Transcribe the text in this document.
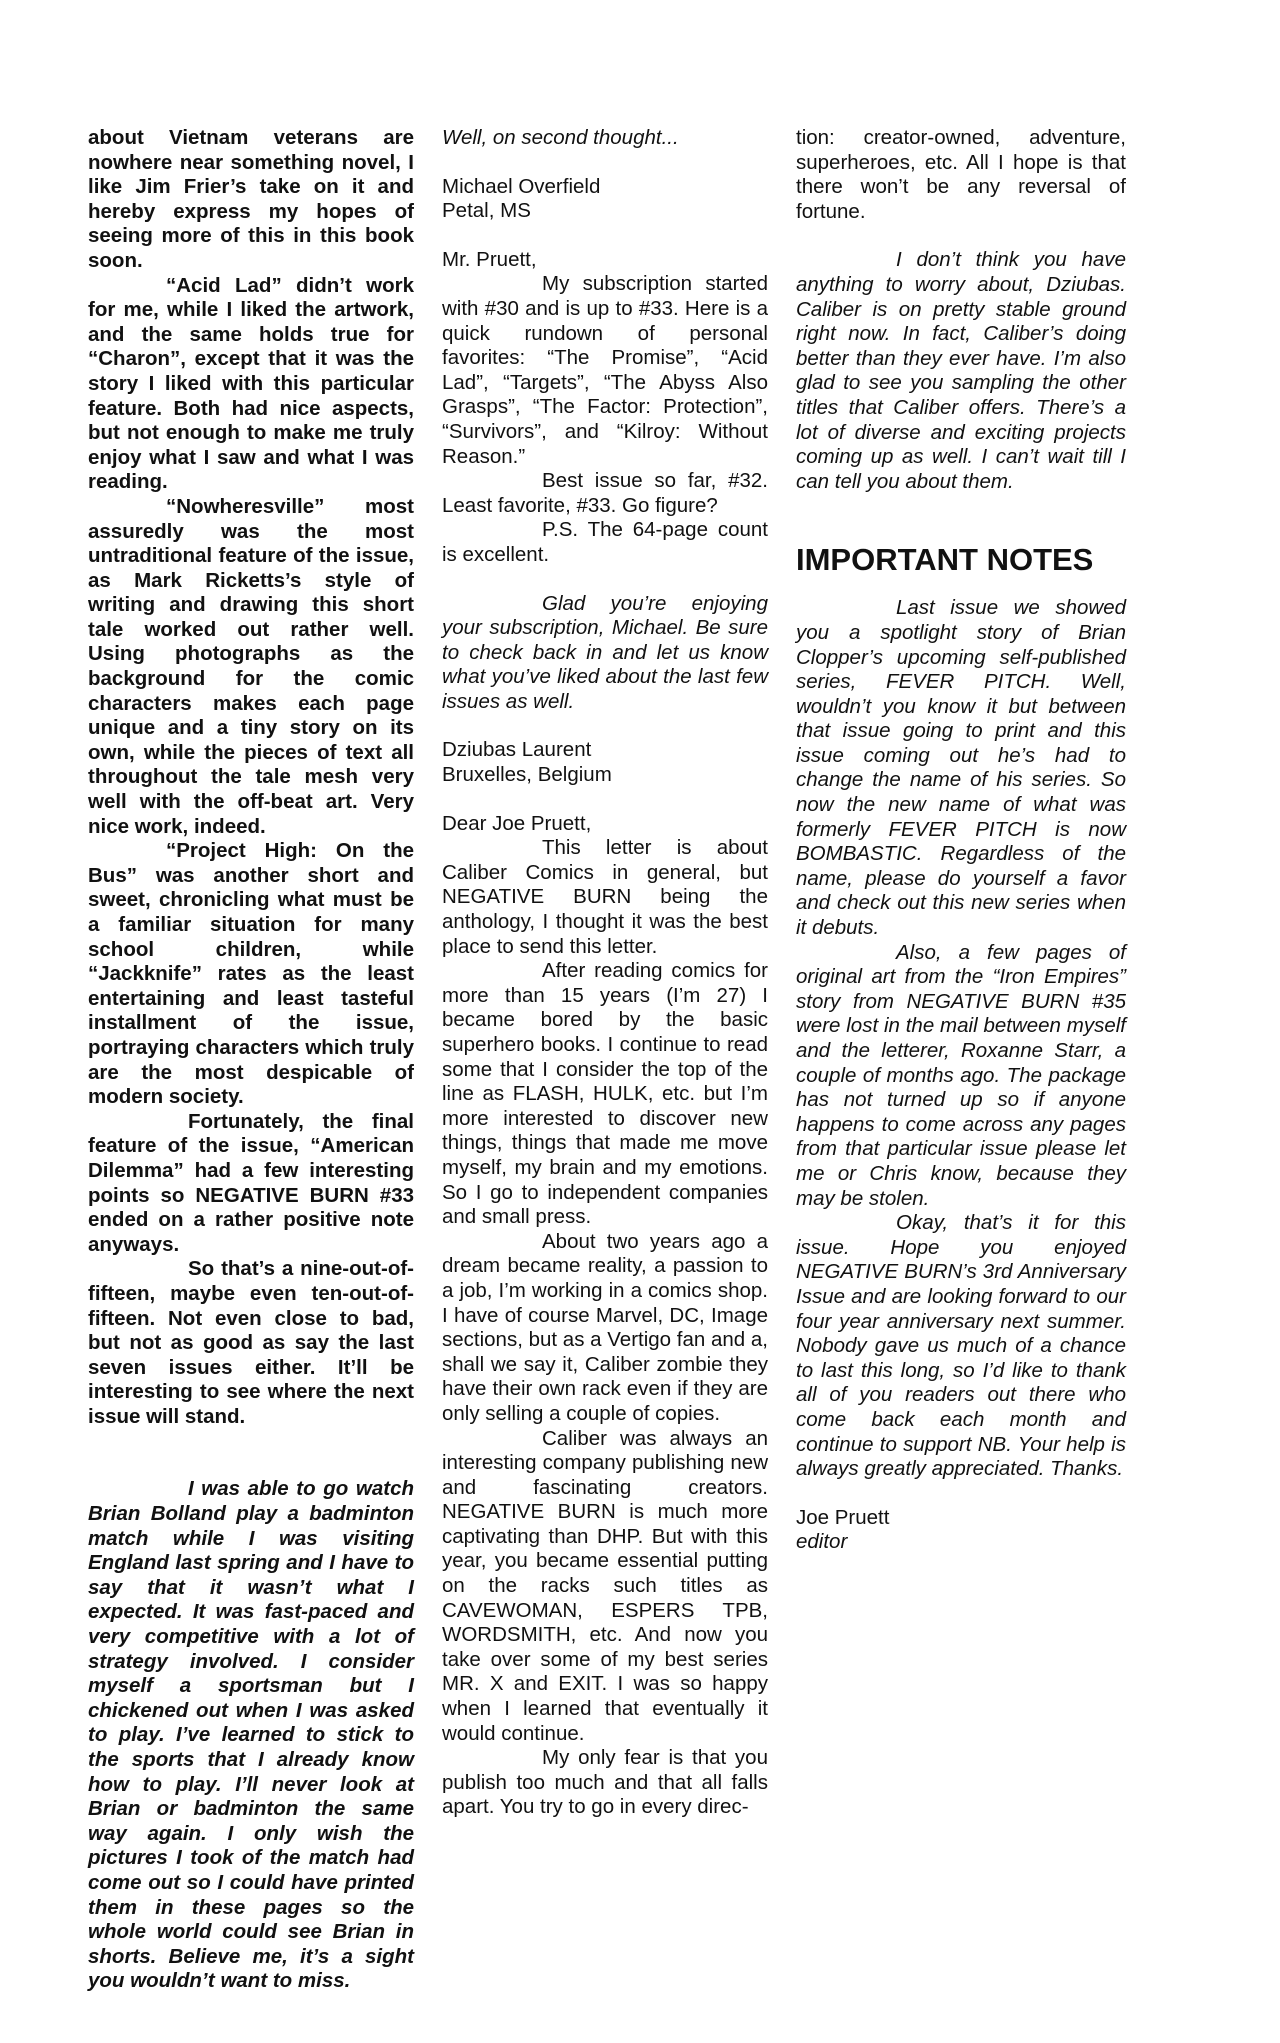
about Vietnam veterans are nowhere near something novel, I like Jim Frier’s take on it and hereby express my hopes of seeing more of this in this book soon.

“Acid Lad” didn’t work for me, while I liked the artwork, and the same holds true for “Charon”, except that it was the story I liked with this particular feature. Both had nice aspects, but not enough to make me truly enjoy what I saw and what I was reading.

“Nowheresville” most assuredly was the most untraditional feature of the issue, as Mark Ricketts’s style of writing and drawing this short tale worked out rather well. Using photographs as the background for the comic characters makes each page unique and a tiny story on its own, while the pieces of text all throughout the tale mesh very well with the off-beat art. Very nice work, indeed.

“Project High: On the Bus” was another short and sweet, chronicling what must be a familiar situation for many school children, while “Jackknife” rates as the least entertaining and least tasteful installment of the issue, portraying characters which truly are the most despicable of modern society.

Fortunately, the final feature of the issue, “American Dilemma” had a few interesting points so NEGATIVE BURN #33 ended on a rather positive note anyways.

So that’s a nine-out-of-fifteen, maybe even ten-out-of-fifteen. Not even close to bad, but not as good as say the last seven issues either. It’ll be interesting to see where the next issue will stand.

I was able to go watch Brian Bolland play a badminton match while I was visiting England last spring and I have to say that it wasn’t what I expected. It was fast-paced and very competitive with a lot of strategy involved. I consider myself a sportsman but I chickened out when I was asked to play. I’ve learned to stick to the sports that I already know how to play. I’ll never look at Brian or badminton the same way again. I only wish the pictures I took of the match had come out so I could have printed them in these pages so the whole world could see Brian in shorts. Believe me, it’s a sight you wouldn’t want to miss.

Well, on second thought...

Michael Overfield

Petal, MS

Mr. Pruett,

My subscription started with #30 and is up to #33. Here is a quick rundown of personal favorites: “The Promise”, “Acid Lad”, “Targets”, “The Abyss Also Grasps”, “The Factor: Protection”, “Survivors”, and “Kilroy: Without Reason.”

Best issue so far, #32. Least favorite, #33. Go figure?

P.S. The 64-page count is excellent.

Glad you’re enjoying your subscription, Michael. Be sure to check back in and let us know what you’ve liked about the last few issues as well.

Dziubas Laurent

Bruxelles, Belgium

Dear Joe Pruett,

This letter is about Caliber Comics in general, but NEGATIVE BURN being the anthology, I thought it was the best place to send this letter.

After reading comics for more than 15 years (I’m 27) I became bored by the basic superhero books. I continue to read some that I consider the top of the line as FLASH, HULK, etc. but I’m more interested to discover new things, things that made me move myself, my brain and my emotions. So I go to independent companies and small press.

About two years ago a dream became reality, a passion to a job, I’m working in a comics shop. I have of course Marvel, DC, Image sections, but as a Vertigo fan and a, shall we say it, Caliber zombie they have their own rack even if they are only selling a couple of copies.

Caliber was always an interesting company publishing new and fascinating creators. NEGATIVE BURN is much more captivating than DHP. But with this year, you became essential putting on the racks such titles as CAVEWOMAN, ESPERS TPB, WORDSMITH, etc. And now you take over some of my best series MR. X and EXIT. I was so happy when I learned that eventually it would continue.

My only fear is that you publish too much and that all falls apart. You try to go in every direc-

tion: creator-owned, adventure, superheroes, etc. All I hope is that there won’t be any reversal of fortune.

I don’t think you have anything to worry about, Dziubas. Caliber is on pretty stable ground right now. In fact, Caliber’s doing better than they ever have. I’m also glad to see you sampling the other titles that Caliber offers. There’s a lot of diverse and exciting projects coming up as well. I can’t wait till I can tell you about them.

IMPORTANT NOTES

Last issue we showed you a spotlight story of Brian Clopper’s upcoming self-published series, FEVER PITCH. Well, wouldn’t you know it but between that issue going to print and this issue coming out he’s had to change the name of his series. So now the new name of what was formerly FEVER PITCH is now BOMBASTIC. Regardless of the name, please do yourself a favor and check out this new series when it debuts.

Also, a few pages of original art from the “Iron Empires” story from NEGATIVE BURN #35 were lost in the mail between myself and the letterer, Roxanne Starr, a couple of months ago. The package has not turned up so if anyone happens to come across any pages from that particular issue please let me or Chris know, because they may be stolen.

Okay, that’s it for this issue. Hope you enjoyed NEGATIVE BURN’s 3rd Anniversary Issue and are looking forward to our four year anniversary next summer. Nobody gave us much of a chance to last this long, so I’d like to thank all of you readers out there who come back each month and continue to support NB. Your help is always greatly appreciated. Thanks.

Joe Pruett

editor
